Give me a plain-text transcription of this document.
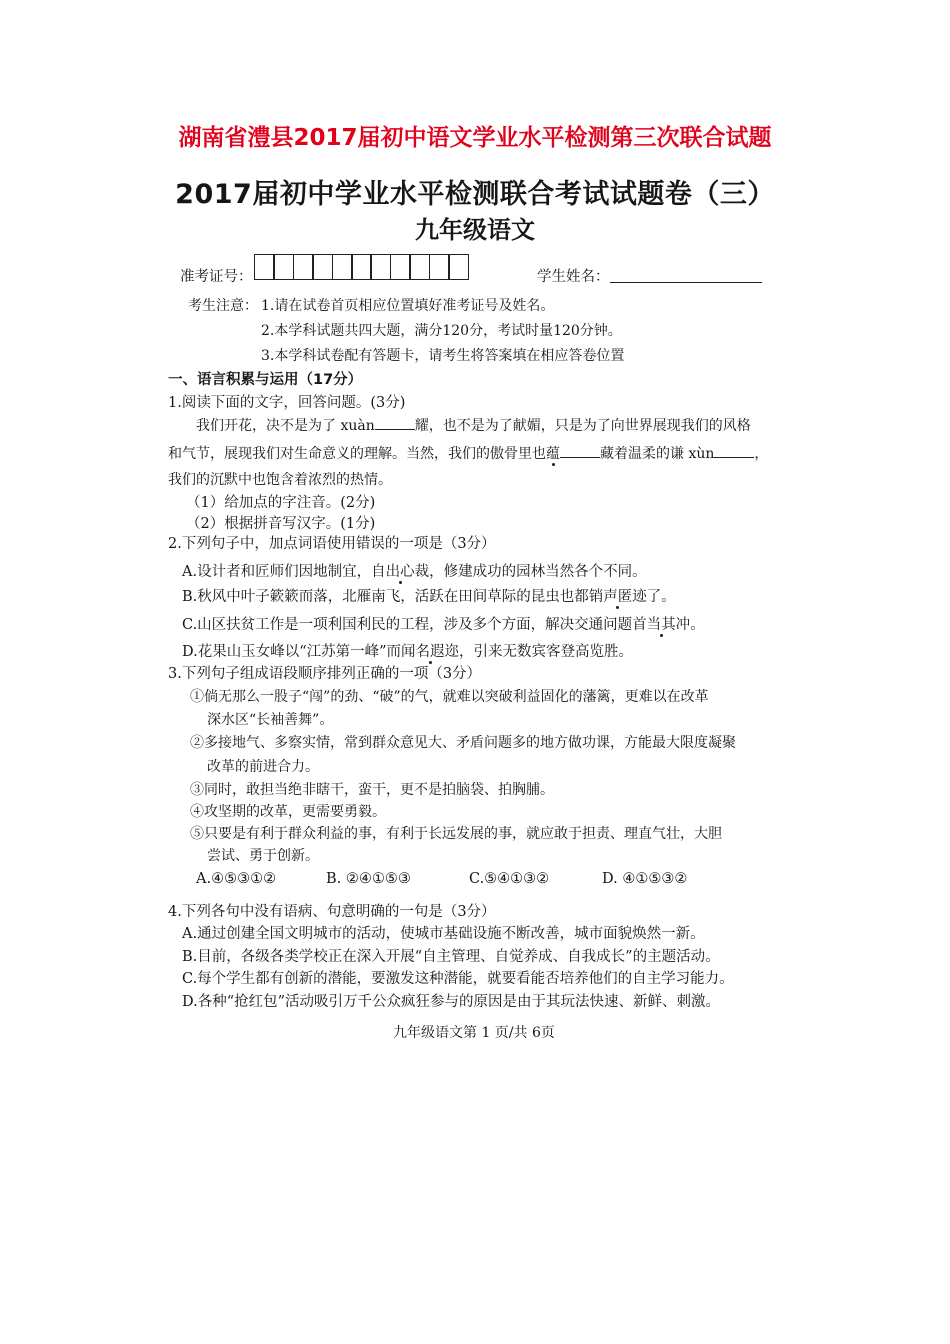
湖南省澧县2017届初中语文学业水平检测第三次联合试题
2017届初中学业水平检测联合考试试题卷（三）
九年级语文
准考证号：	学生姓名：
考生注意： 1.请在试卷首页相应位置填好准考证号及姓名。
2.本学科试题共四大题，满分120分，考试时量120分钟。
3.本学科试卷配有答题卡，请考生将答案填在相应答卷位置
一、语言积累与运用（17分）
1.阅读下面的文字，回答问题。(3分)
我们开花，决不是为了 xuàn	耀，也不是为了献媚，只是为了向世界展现我们的风格
和气节，展现我们对生命意义的理解。当然，我们的傲骨里也蕴	藏着温柔的谦 xùn	，
我们的沉默中也饱含着浓烈的热情。
（1）给加点的字注音。(2分)
（2）根据拼音写汉字。(1分)
2.下列句子中，加点词语使用错误的一项是（3分）
A.设计者和匠师们因地制宜，自出心裁，修建成功的园林当然各个不同。
B.秋风中叶子簌簌而落，北雁南飞，活跃在田间草际的昆虫也都销声匿迹了。
C.山区扶贫工作是一项利国利民的工程，涉及多个方面，解决交通问题首当其冲。
D.花果山玉女峰以“江苏第一峰”而闻名遐迩，引来无数宾客登高览胜。
3.下列句子组成语段顺序排列正确的一项（3分）
①倘无那么一股子“闯”的劲、“破”的气，就难以突破利益固化的藩篱，更难以在改革
深水区“长袖善舞”。
②多接地气、多察实情，常到群众意见大、矛盾问题多的地方做功课，方能最大限度凝聚
改革的前进合力。
③同时，敢担当绝非瞎干，蛮干，更不是拍脑袋、拍胸脯。
④攻坚期的改革，更需要勇毅。
⑤只要是有利于群众利益的事，有利于长远发展的事，就应敢于担责、理直气壮，大胆
尝试、勇于创新。
A.④⑤③①②	B. ②④①⑤③	C.⑤④①③②	D. ④①⑤③②
4.下列各句中没有语病、句意明确的一句是（3分）
A.通过创建全国文明城市的活动，使城市基础设施不断改善，城市面貌焕然一新。
B.目前，各级各类学校正在深入开展“自主管理、自觉养成、自我成长”的主题活动。
C.每个学生都有创新的潜能，要激发这种潜能，就要看能否培养他们的自主学习能力。
D.各种“抢红包”活动吸引万千公众疯狂参与的原因是由于其玩法快速、新鲜、刺激。
九年级语文第 1 页/共 6页
